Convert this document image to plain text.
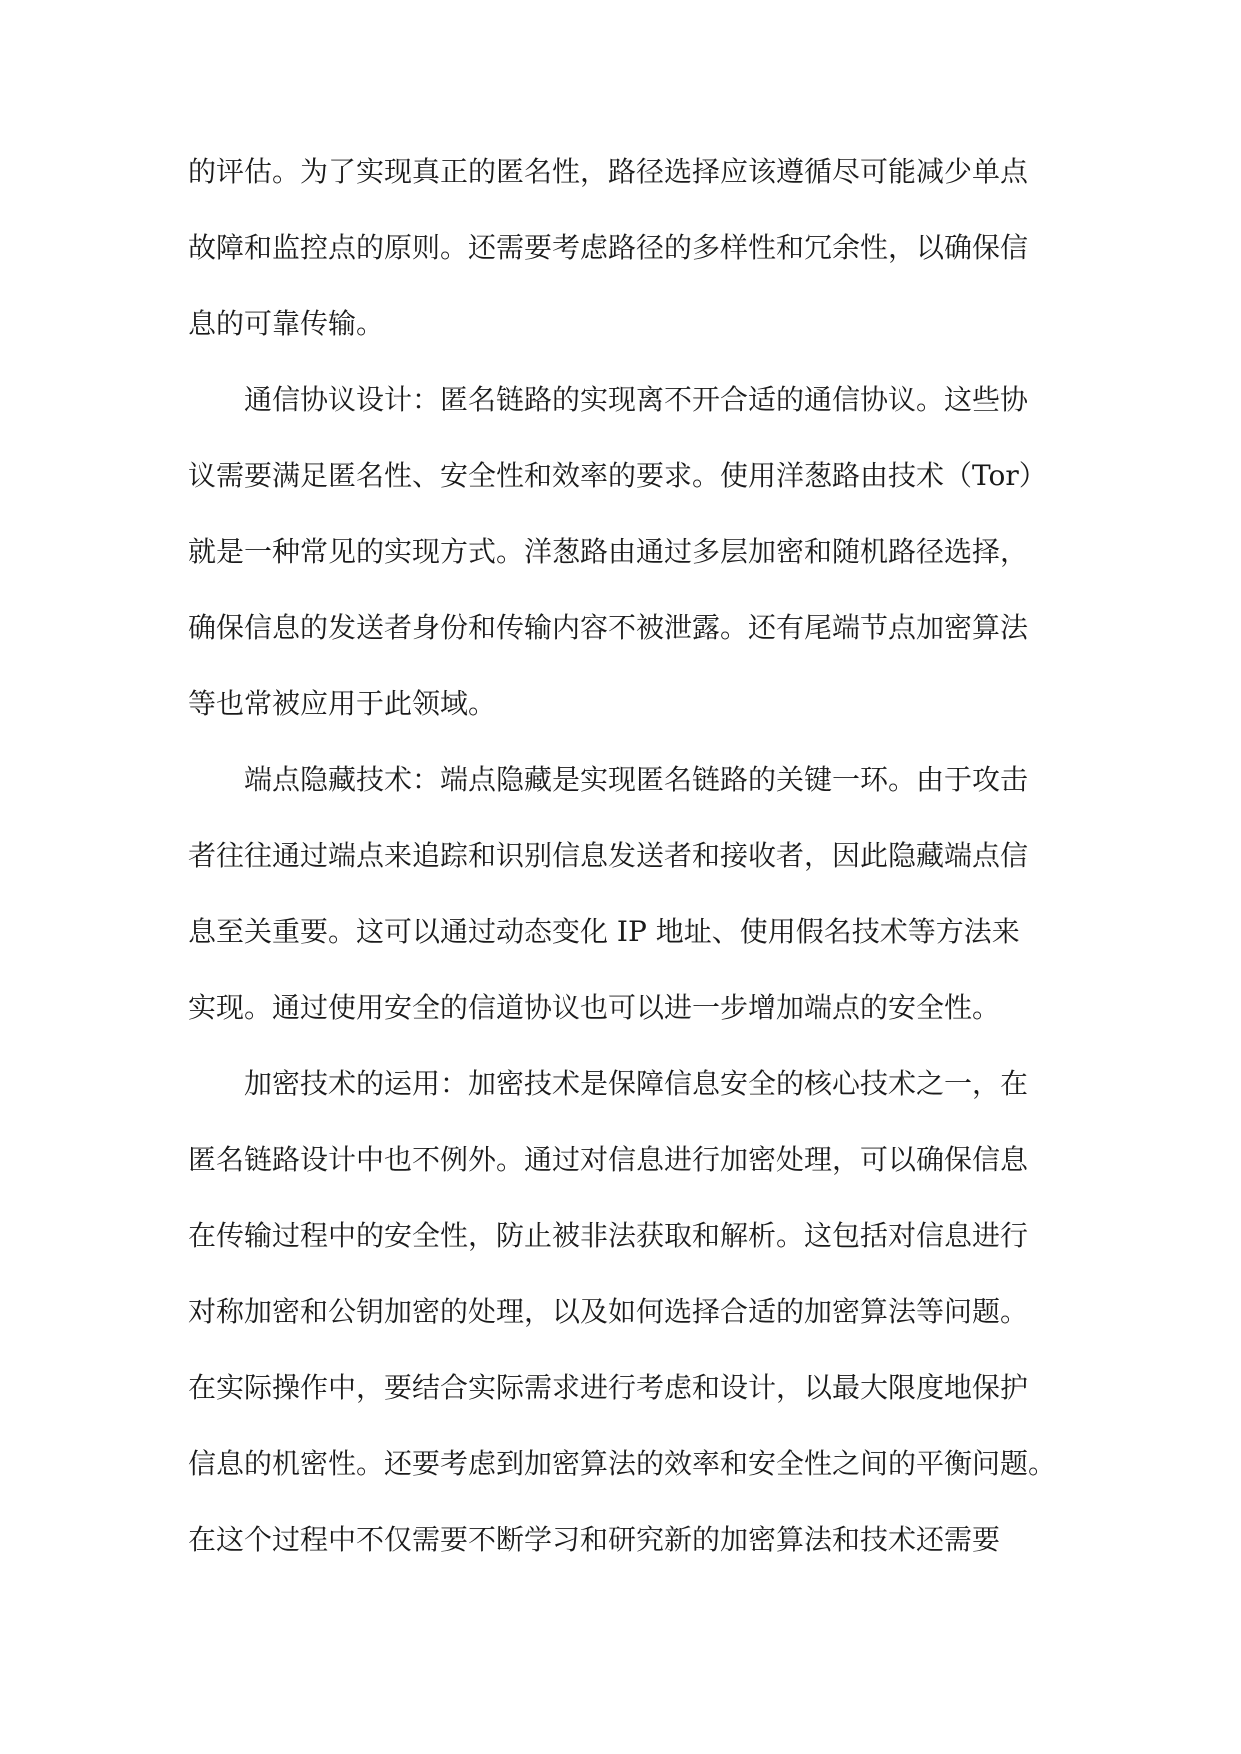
的评估。为了实现真正的匿名性，路径选择应该遵循尽可能减少单点
故障和监控点的原则。还需要考虑路径的多样性和冗余性，以确保信
息的可靠传输。
通信协议设计：匿名链路的实现离不开合适的通信协议。这些协
议需要满足匿名性、安全性和效率的要求。使用洋葱路由技术（Tor）
就是一种常见的实现方式。洋葱路由通过多层加密和随机路径选择，
确保信息的发送者身份和传输内容不被泄露。还有尾端节点加密算法
等也常被应用于此领域。
端点隐藏技术：端点隐藏是实现匿名链路的关键一环。由于攻击
者往往通过端点来追踪和识别信息发送者和接收者，因此隐藏端点信
息至关重要。这可以通过动态变化 IP 地址、使用假名技术等方法来
实现。通过使用安全的信道协议也可以进一步增加端点的安全性。
加密技术的运用：加密技术是保障信息安全的核心技术之一，在
匿名链路设计中也不例外。通过对信息进行加密处理，可以确保信息
在传输过程中的安全性，防止被非法获取和解析。这包括对信息进行
对称加密和公钥加密的处理，以及如何选择合适的加密算法等问题。
在实际操作中，要结合实际需求进行考虑和设计，以最大限度地保护
信息的机密性。还要考虑到加密算法的效率和安全性之间的平衡问题。
在这个过程中不仅需要不断学习和研究新的加密算法和技术还需要
